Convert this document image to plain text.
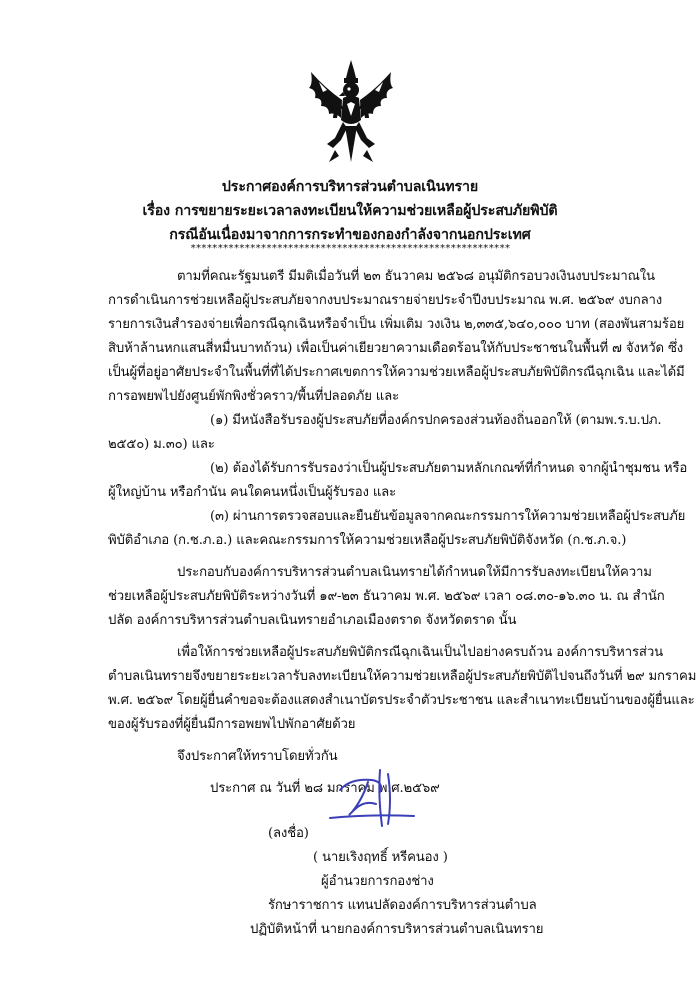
ประกาศองค์การบริหารส่วนตำบลเนินทราย
เรื่อง การขยายระยะเวลาลงทะเบียนให้ความช่วยเหลือผู้ประสบภัยพิบัติ
กรณีอันเนื่องมาจากการกระทำของกองกำลังจากนอกประเทศ
***********************************************************
ตามที่คณะรัฐมนตรี มีมติเมื่อวันที่ ๒๓ ธันวาคม ๒๕๖๘ อนุมัติกรอบวงเงินงบประมาณใน
การดำเนินการช่วยเหลือผู้ประสบภัยจากงบประมาณรายจ่ายประจำปีงบประมาณ พ.ศ. ๒๕๖๙ งบกลาง
รายการเงินสำรองจ่ายเพื่อกรณีฉุกเฉินหรือจำเป็น เพิ่มเติม วงเงิน ๒,๓๓๕,๖๔๐,๐๐๐ บาท (สองพันสามร้อย
สิบห้าล้านหกแสนสี่หมื่นบาทถ้วน) เพื่อเป็นค่าเยียวยาความเดือดร้อนให้กับประชาชนในพื้นที่ ๗ จังหวัด ซึ่ง
เป็นผู้ที่อยู่อาศัยประจำในพื้นที่ที่ได้ประกาศเขตการให้ความช่วยเหลือผู้ประสบภัยพิบัติกรณีฉุกเฉิน และได้มี
การอพยพไปยังศูนย์พักพิงชั่วคราว/พื้นที่ปลอดภัย และ
(๑) มีหนังสือรับรองผู้ประสบภัยที่องค์กรปกครองส่วนท้องถิ่นออกให้ (ตามพ.ร.บ.ปภ.
๒๕๕๐) ม.๓๐) และ
(๒) ต้องได้รับการรับรองว่าเป็นผู้ประสบภัยตามหลักเกณฑ์ที่กำหนด จากผู้นำชุมชน หรือ
ผู้ใหญ่บ้าน หรือกำนัน คนใดคนหนึ่งเป็นผู้รับรอง และ
(๓) ผ่านการตรวจสอบและยืนยันข้อมูลจากคณะกรรมการให้ความช่วยเหลือผู้ประสบภัย
พิบัติอำเภอ (ก.ช.ภ.อ.) และคณะกรรมการให้ความช่วยเหลือผู้ประสบภัยพิบัติจังหวัด (ก.ช.ภ.จ.)
ประกอบกับองค์การบริหารส่วนตำบลเนินทรายได้กำหนดให้มีการรับลงทะเบียนให้ความ
ช่วยเหลือผู้ประสบภัยพิบัติระหว่างวันที่ ๑๙-๒๓ ธันวาคม พ.ศ. ๒๕๖๙ เวลา ๐๘.๓๐-๑๖.๓๐ น. ณ สำนัก
ปลัด องค์การบริหารส่วนตำบลเนินทรายอำเภอเมืองตราด จังหวัดตราด นั้น
เพื่อให้การช่วยเหลือผู้ประสบภัยพิบัติกรณีฉุกเฉินเป็นไปอย่างครบถ้วน องค์การบริหารส่วน
ตำบลเนินทรายจึงขยายระยะเวลารับลงทะเบียนให้ความช่วยเหลือผู้ประสบภัยพิบัติไปจนถึงวันที่ ๒๙ มกราคม
พ.ศ. ๒๕๖๙ โดยผู้ยื่นคำขอจะต้องแสดงสำเนาบัตรประจำตัวประชาชน และสำเนาทะเบียนบ้านของผู้ยื่นและ
ของผู้รับรองที่ผู้ยื่นมีการอพยพไปพักอาศัยด้วย
จึงประกาศให้ทราบโดยทั่วกัน
ประกาศ ณ วันที่ ๒๘ มกราคม พ.ศ.๒๕๖๙
(ลงชื่อ)
( นายเริงฤทธิ์ หรีคนอง )
ผู้อำนวยการกองช่าง
รักษาราชการ แทนปลัดองค์การบริหารส่วนตำบล
ปฏิบัติหน้าที่ นายกองค์การบริหารส่วนตำบลเนินทราย
